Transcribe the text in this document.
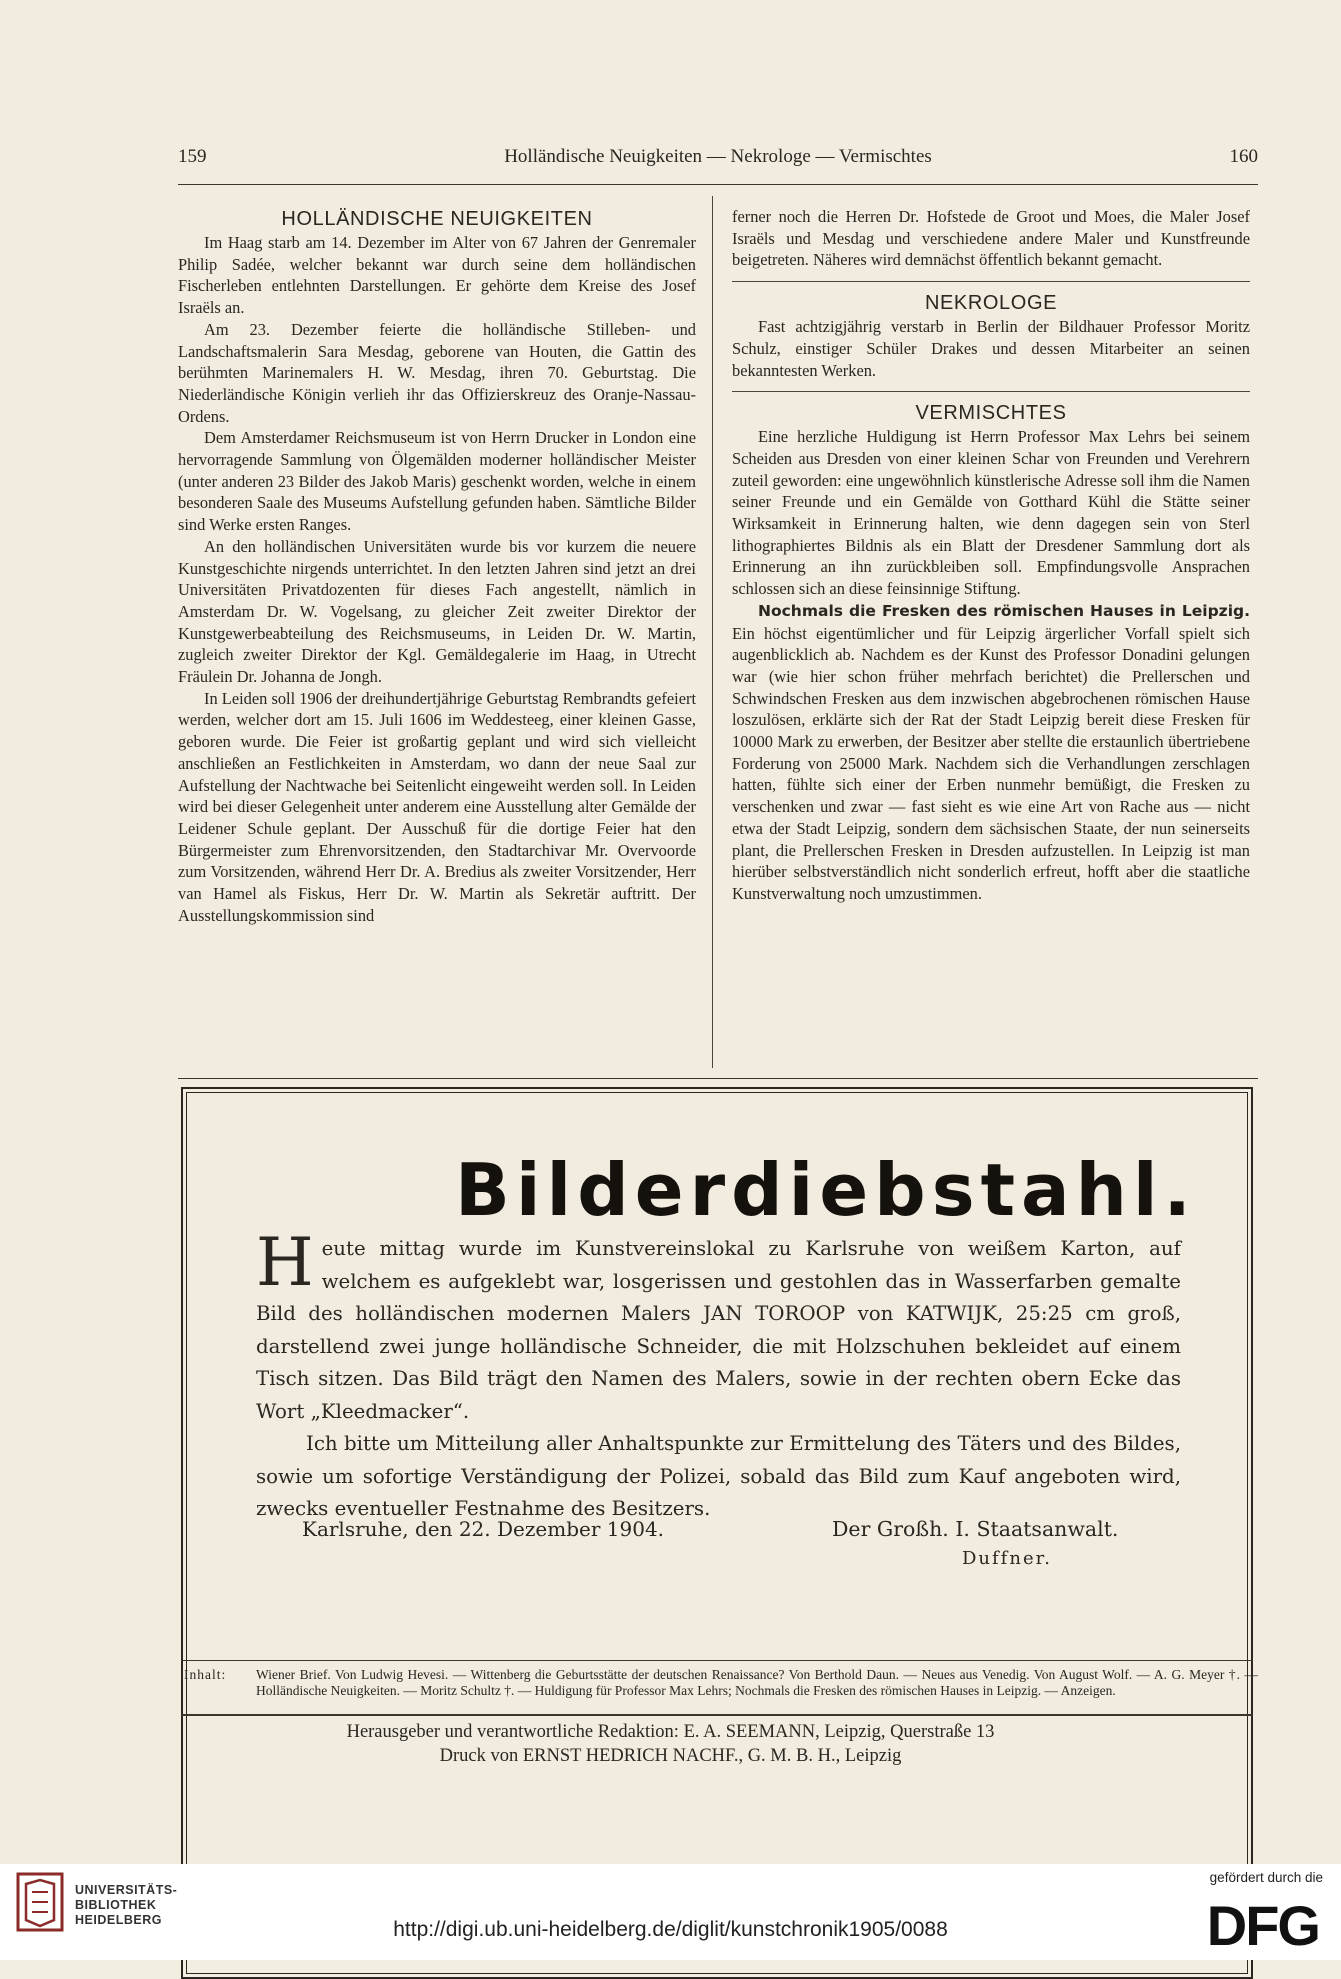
159	Holländische Neuigkeiten — Nekrologe — Vermischtes	160
HOLLÄNDISCHE NEUIGKEITEN

Im Haag starb am 14. Dezember im Alter von 67 Jahren der Genremaler Philip Sadée, welcher bekannt war durch seine dem holländischen Fischerleben entlehnten Darstellungen. Er gehörte dem Kreise des Josef Israëls an.

Am 23. Dezember feierte die holländische Stilleben- und Landschaftsmalerin Sara Mesdag, geborene van Houten, die Gattin des berühmten Marinemalers H. W. Mesdag, ihren 70. Geburtstag. Die Niederländische Königin verlieh ihr das Offizierskreuz des Oranje-Nassau-Ordens.

Dem Amsterdamer Reichsmuseum ist von Herrn Drucker in London eine hervorragende Sammlung von Ölgemälden moderner holländischer Meister (unter anderen 23 Bilder des Jakob Maris) geschenkt worden, welche in einem besonderen Saale des Museums Aufstellung gefunden haben. Sämtliche Bilder sind Werke ersten Ranges.

An den holländischen Universitäten wurde bis vor kurzem die neuere Kunstgeschichte nirgends unterrichtet. In den letzten Jahren sind jetzt an drei Universitäten Privatdozenten für dieses Fach angestellt, nämlich in Amsterdam Dr. W. Vogelsang, zu gleicher Zeit zweiter Direktor der Kunstgewerbeabteilung des Reichsmuseums, in Leiden Dr. W. Martin, zugleich zweiter Direktor der Kgl. Gemäldegalerie im Haag, in Utrecht Fräulein Dr. Johanna de Jongh.

In Leiden soll 1906 der dreihundertjährige Geburtstag Rembrandts gefeiert werden, welcher dort am 15. Juli 1606 im Weddesteeg, einer kleinen Gasse, geboren wurde. Die Feier ist großartig geplant und wird sich vielleicht anschließen an Festlichkeiten in Amsterdam, wo dann der neue Saal zur Aufstellung der Nachtwache bei Seitenlicht eingeweiht werden soll. In Leiden wird bei dieser Gelegenheit unter anderem eine Ausstellung alter Gemälde der Leidener Schule geplant. Der Ausschuß für die dortige Feier hat den Bürgermeister zum Ehrenvorsitzenden, den Stadtarchivar Mr. Overvoorde zum Vorsitzenden, während Herr Dr. A. Bredius als zweiter Vorsitzender, Herr van Hamel als Fiskus, Herr Dr. W. Martin als Sekretär auftritt. Der Ausstellungskommission sind

ferner noch die Herren Dr. Hofstede de Groot und Moes, die Maler Josef Israëls und Mesdag und verschiedene andere Maler und Kunstfreunde beigetreten. Näheres wird demnächst öffentlich bekannt gemacht.

NEKROLOGE

Fast achtzigjährig verstarb in Berlin der Bildhauer Professor Moritz Schulz, einstiger Schüler Drakes und dessen Mitarbeiter an seinen bekanntesten Werken.

VERMISCHTES

Eine herzliche Huldigung ist Herrn Professor Max Lehrs bei seinem Scheiden aus Dresden von einer kleinen Schar von Freunden und Verehrern zuteil geworden: eine ungewöhnlich künstlerische Adresse soll ihm die Namen seiner Freunde und ein Gemälde von Gotthard Kühl die Stätte seiner Wirksamkeit in Erinnerung halten, wie denn dagegen sein von Sterl lithographiertes Bildnis als ein Blatt der Dresdener Sammlung dort als Erinnerung an ihn zurückbleiben soll. Empfindungsvolle Ansprachen schlossen sich an diese feinsinnige Stiftung.

Nochmals die Fresken des römischen Hauses in Leipzig. Ein höchst eigentümlicher und für Leipzig ärgerlicher Vorfall spielt sich augenblicklich ab. Nachdem es der Kunst des Professor Donadini gelungen war (wie hier schon früher mehrfach berichtet) die Prellerschen und Schwindschen Fresken aus dem inzwischen abgebrochenen römischen Hause loszulösen, erklärte sich der Rat der Stadt Leipzig bereit diese Fresken für 10000 Mark zu erwerben, der Besitzer aber stellte die erstaunlich übertriebene Forderung von 25000 Mark. Nachdem sich die Verhandlungen zerschlagen hatten, fühlte sich einer der Erben nunmehr bemüßigt, die Fresken zu verschenken und zwar — fast sieht es wie eine Art von Rache aus — nicht etwa der Stadt Leipzig, sondern dem sächsischen Staate, der nun seinerseits plant, die Prellerschen Fresken in Dresden aufzustellen. In Leipzig ist man hierüber selbstverständlich nicht sonderlich erfreut, hofft aber die staatliche Kunstverwaltung noch umzustimmen.

Bilderdiebstahl.

Heute mittag wurde im Kunstvereinslokal zu Karlsruhe von weißem Karton, auf welchem es aufgeklebt war, losgerissen und gestohlen das in Wasserfarben gemalte Bild des holländischen modernen Malers JAN TOROOP von KATWIJK, 25:25 cm groß, darstellend zwei junge holländische Schneider, die mit Holzschuhen bekleidet auf einem Tisch sitzen. Das Bild trägt den Namen des Malers, sowie in der rechten obern Ecke das Wort „Kleedmacker“.

Ich bitte um Mitteilung aller Anhaltspunkte zur Ermittelung des Täters und des Bildes, sowie um sofortige Verständigung der Polizei, sobald das Bild zum Kauf angeboten wird, zwecks eventueller Festnahme des Besitzers.

Karlsruhe, den 22. Dezember 1904.	Der Großh. I. Staatsanwalt.
Duffner.
Inhalt:	Wiener Brief. Von Ludwig Hevesi. — Wittenberg die Geburtsstätte der deutschen Renaissance? Von Berthold Daun. — Neues aus Venedig. Von August Wolf. — A. G. Meyer †. — Holländische Neuigkeiten. — Moritz Schultz †. — Huldigung für Professor Max Lehrs; Nochmals die Fresken des römischen Hauses in Leipzig. — Anzeigen.
Herausgeber und verantwortliche Redaktion: E. A. SEEMANN, Leipzig, Querstraße 13
Druck von ERNST HEDRICH NACHF., G. M. B. H., Leipzig
UNIVERSITÄTS-
BIBLIOTHEK
HEIDELBERG	http://digi.ub.uni-heidelberg.de/diglit/kunstchronik1905/0088
gefördert durch die
DFG
